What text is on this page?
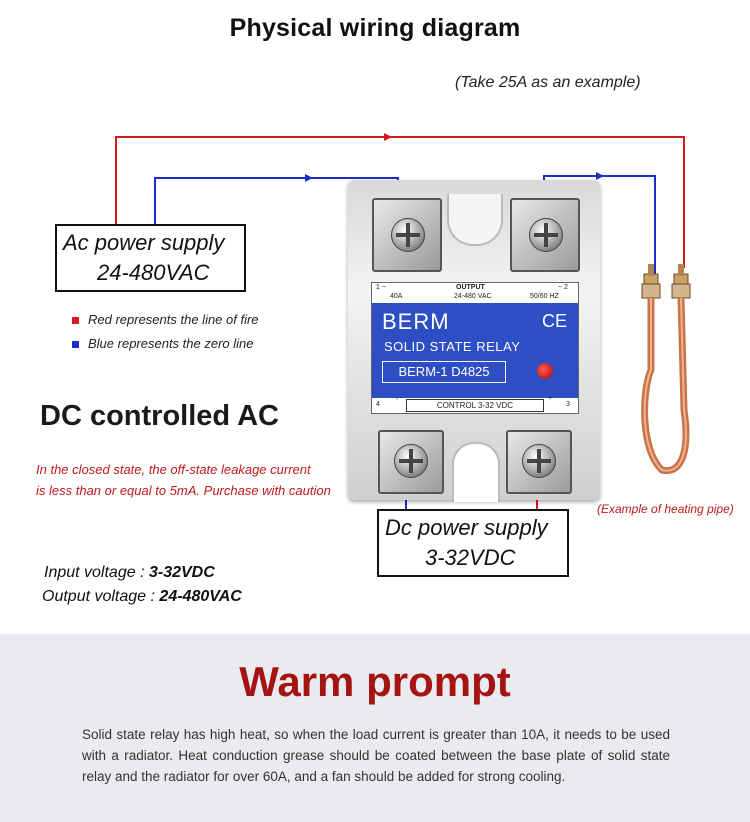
Physical wiring diagram
(Take 25A as an example)
1 ~	OUTPUT	~ 2
40A	24-480 VAC	50/60 HZ
BERM	CE
SOLID STATE RELAY
BERM-1 D4825
4
-
CONTROL 3-32 VDC
+
3
Ac power supply
24-480VAC
Red represents the line of fire
Blue represents the zero line
DC controlled AC
In the closed state, the off-state leakage current
is less than or equal to 5mA. Purchase with caution
Dc power supply
3-32VDC
(Example of heating pipe)
Input voltage : 3-32VDC
Output voltage : 24-480VAC
Warm prompt
Solid state relay has high heat, so when the load current is greater than 10A, it needs to be used with a radiator. Heat conduction grease should be coated between the base plate of solid state relay and the radiator for over 60A, and a fan should be added for strong cooling.
